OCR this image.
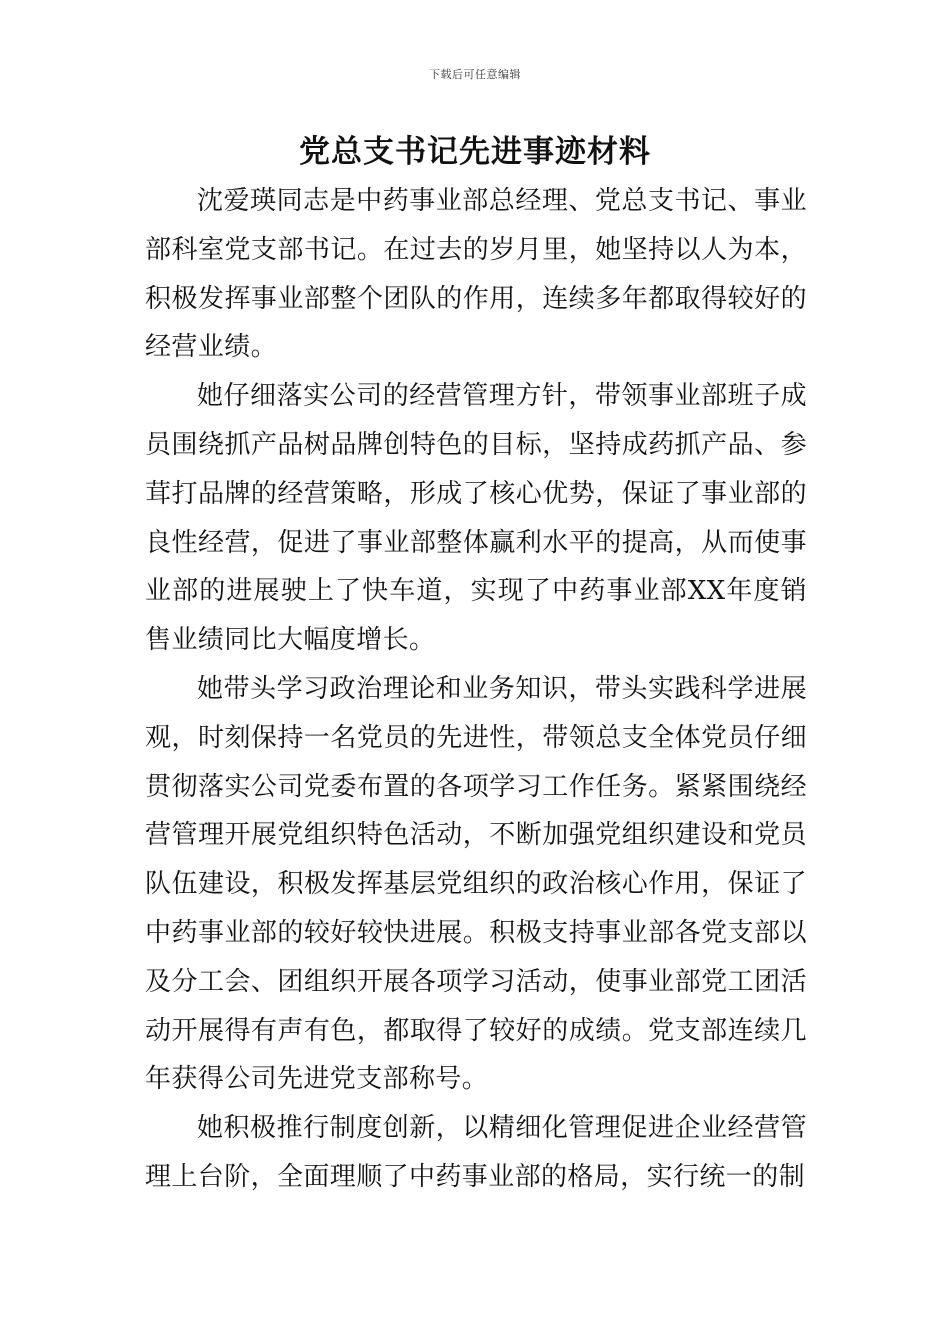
下载后可任意编辑
党总支书记先进事迹材料

沈爱瑛同志是中药事业部总经理、党总支书记、事业部科室党支部书记。在过去的岁月里，她坚持以人为本，积极发挥事业部整个团队的作用，连续多年都取得较好的经营业绩。

她仔细落实公司的经营管理方针，带领事业部班子成员围绕抓产品树品牌创特色的目标，坚持成药抓产品、参茸打品牌的经营策略，形成了核心优势，保证了事业部的良性经营，促进了事业部整体赢利水平的提高，从而使事业部的进展驶上了快车道，实现了中药事业部XX年度销售业绩同比大幅度增长。

她带头学习政治理论和业务知识，带头实践科学进展观，时刻保持一名党员的先进性，带领总支全体党员仔细贯彻落实公司党委布置的各项学习工作任务。紧紧围绕经营管理开展党组织特色活动，不断加强党组织建设和党员队伍建设，积极发挥基层党组织的政治核心作用，保证了中药事业部的较好较快进展。积极支持事业部各党支部以及分工会、团组织开展各项学习活动，使事业部党工团活动开展得有声有色，都取得了较好的成绩。党支部连续几年获得公司先进党支部称号。

她积极推行制度创新，以精细化管理促进企业经营管理上台阶，全面理顺了中药事业部的格局，实行统一的制
